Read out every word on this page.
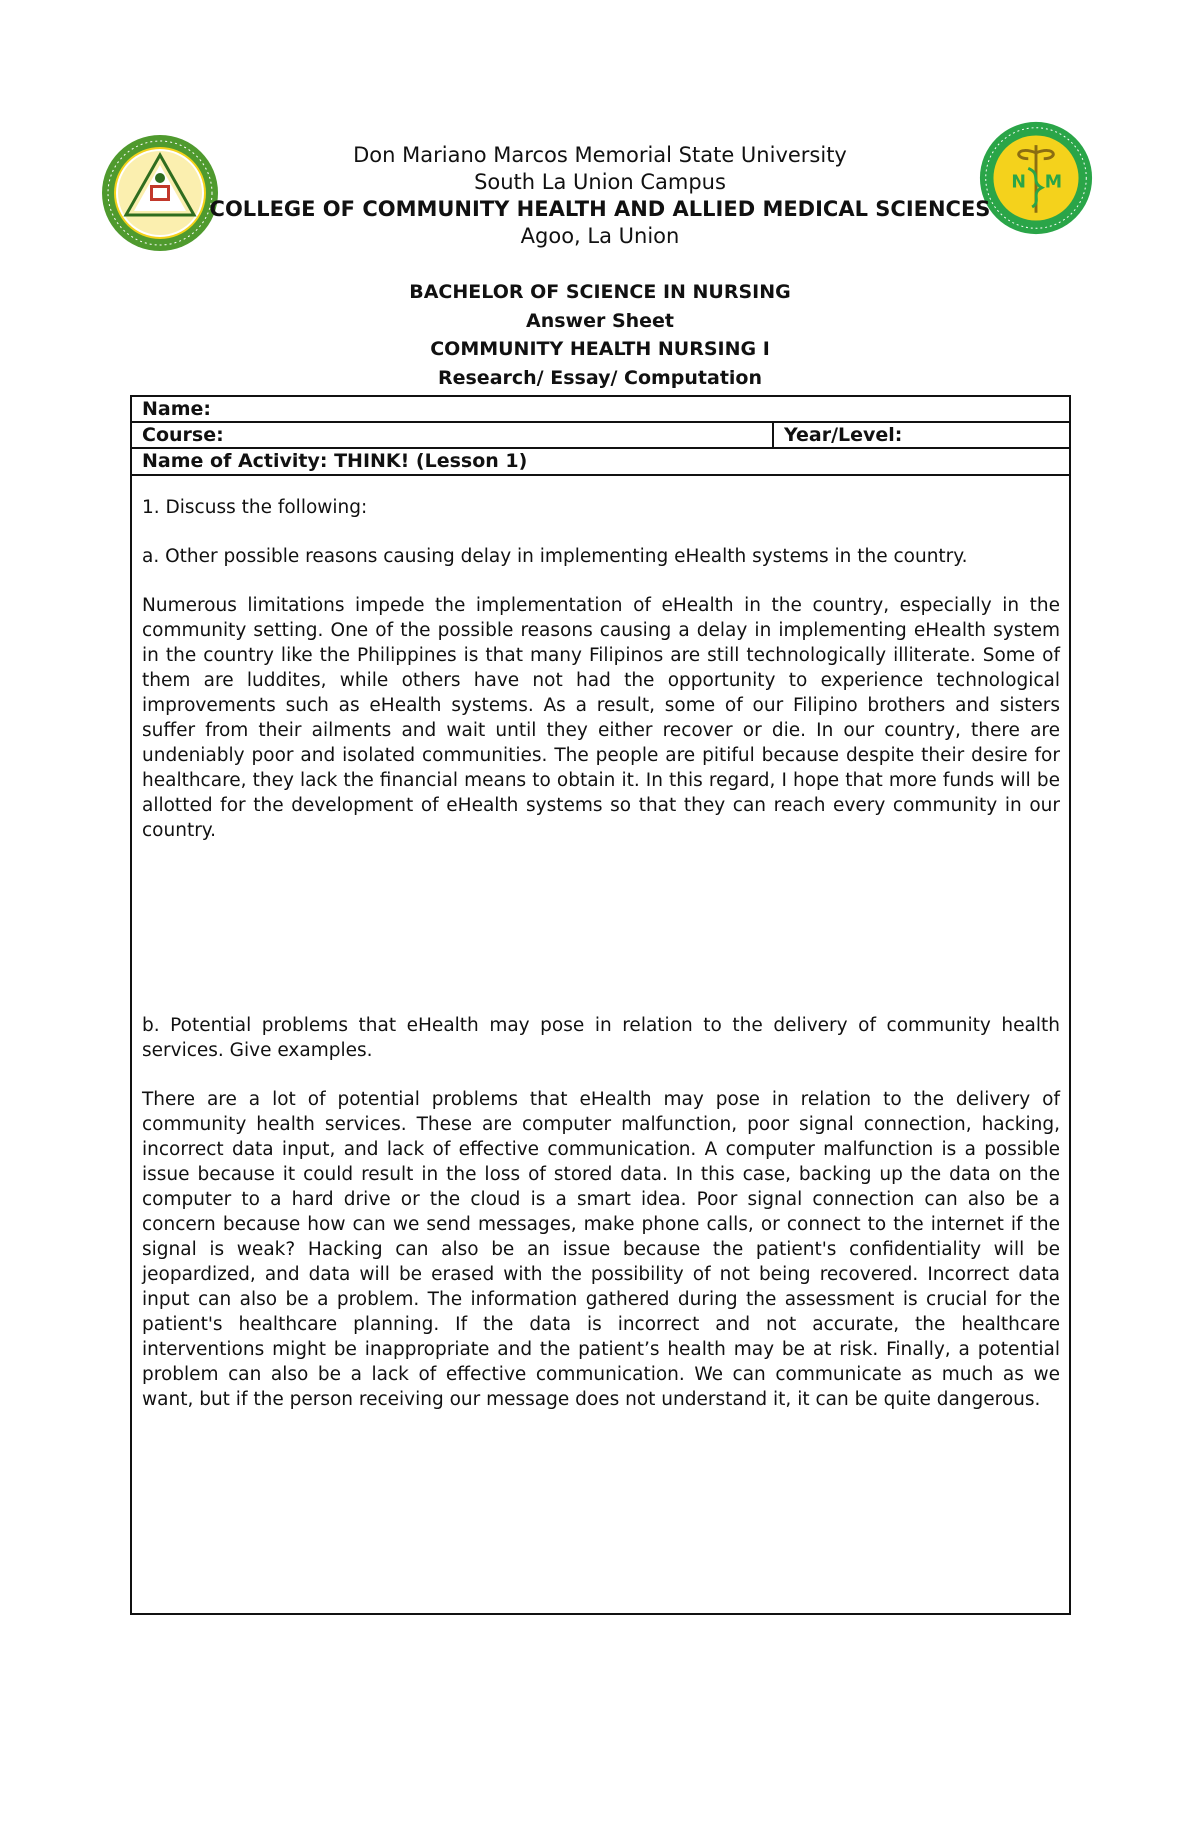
N M
Don Mariano Marcos Memorial State University
South La Union Campus
COLLEGE OF COMMUNITY HEALTH AND ALLIED MEDICAL SCIENCES
Agoo, La Union
BACHELOR OF SCIENCE IN NURSING
Answer Sheet
COMMUNITY HEALTH NURSING I
Research/ Essay/ Computation
Name:
Course:	Year/Level:
Name of Activity: THINK! (Lesson 1)

1. Discuss the following:

a. Other possible reasons causing delay in implementing eHealth systems in the country.

Numerous limitations impede the implementation of eHealth in the country, especially in the community setting. One of the possible reasons causing a delay in implementing eHealth system in the country like the Philippines is that many Filipinos are still technologically illiterate. Some of them are luddites, while others have not had the opportunity to experience technological improvements such as eHealth systems. As a result, some of our Filipino brothers and sisters suffer from their ailments and wait until they either recover or die. In our country, there are undeniably poor and isolated communities. The people are pitiful because despite their desire for healthcare, they lack the financial means to obtain it. In this regard, I hope that more funds will be allotted for the development of eHealth systems so that they can reach every community in our country.

b. Potential problems that eHealth may pose in relation to the delivery of community health services. Give examples.

There are a lot of potential problems that eHealth may pose in relation to the delivery of community health services. These are computer malfunction, poor signal connection, hacking, incorrect data input, and lack of effective communication. A computer malfunction is a possible issue because it could result in the loss of stored data. In this case, backing up the data on the computer to a hard drive or the cloud is a smart idea. Poor signal connection can also be a concern because how can we send messages, make phone calls, or connect to the internet if the signal is weak? Hacking can also be an issue because the patient's confidentiality will be jeopardized, and data will be erased with the possibility of not being recovered. Incorrect data input can also be a problem. The information gathered during the assessment is crucial for the patient's healthcare planning. If the data is incorrect and not accurate, the healthcare interventions might be inappropriate and the patient’s health may be at risk. Finally, a potential problem can also be a lack of effective communication. We can communicate as much as we want, but if the person receiving our message does not understand it, it can be quite dangerous.
